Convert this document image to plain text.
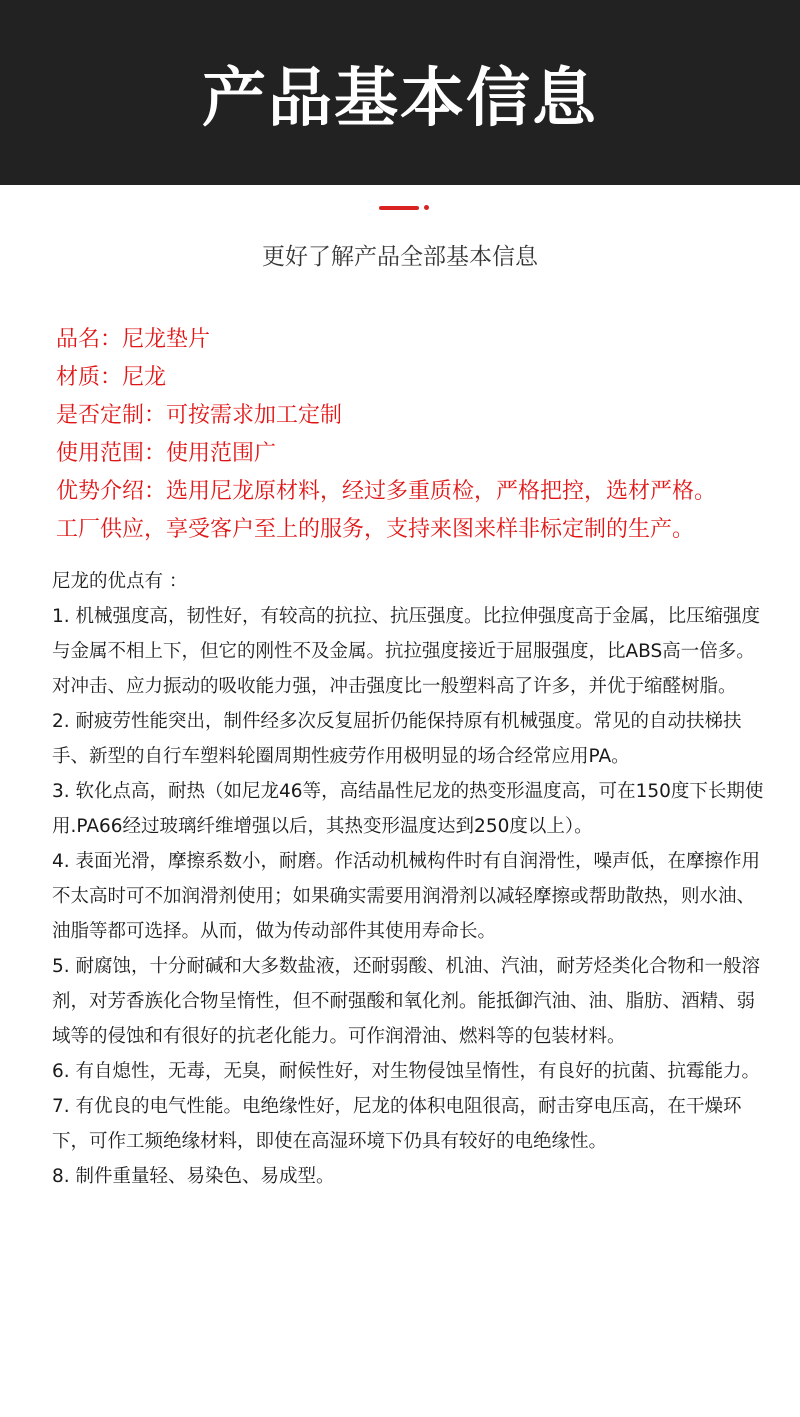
产品基本信息
更好了解产品全部基本信息
品名：尼龙垫片
材质：尼龙
是否定制：可按需求加工定制
使用范围：使用范围广
优势介绍：选用尼龙原材料，经过多重质检，严格把控，选材严格。
工厂供应，享受客户至上的服务，支持来图来样非标定制的生产。
尼龙的优点有 ：
1. 机械强度高，韧性好，有较高的抗拉、抗压强度。比拉伸强度高于金属，比压缩强度与金属不相上下，但它的刚性不及金属。抗拉强度接近于屈服强度，比ABS高一倍多。对冲击、应力振动的吸收能力强，冲击强度比一般塑料高了许多，并优于缩醛树脂。
2. 耐疲劳性能突出，制件经多次反复屈折仍能保持原有机械强度。常见的自动扶梯扶手、新型的自行车塑料轮圈周期性疲劳作用极明显的场合经常应用PA。
3. 软化点高，耐热（如尼龙46等，高结晶性尼龙的热变形温度高，可在150度下长期使用.PA66经过玻璃纤维增强以后，其热变形温度达到250度以上）。
4. 表面光滑，摩擦系数小，耐磨。作活动机械构件时有自润滑性，噪声低，在摩擦作用不太高时可不加润滑剂使用；如果确实需要用润滑剂以减轻摩擦或帮助散热，则水油、油脂等都可选择。从而，做为传动部件其使用寿命长。
5. 耐腐蚀，十分耐碱和大多数盐液，还耐弱酸、机油、汽油，耐芳烃类化合物和一般溶剂，对芳香族化合物呈惰性，但不耐强酸和氧化剂。能抵御汽油、油、脂肪、酒精、弱域等的侵蚀和有很好的抗老化能力。可作润滑油、燃料等的包装材料。
6. 有自熄性，无毒，无臭，耐候性好，对生物侵蚀呈惰性，有良好的抗菌、抗霉能力。
7. 有优良的电气性能。电绝缘性好，尼龙的体积电阻很高，耐击穿电压高，在干燥环下，可作工频绝缘材料，即使在高湿环境下仍具有较好的电绝缘性。
8. 制件重量轻、易染色、易成型。
